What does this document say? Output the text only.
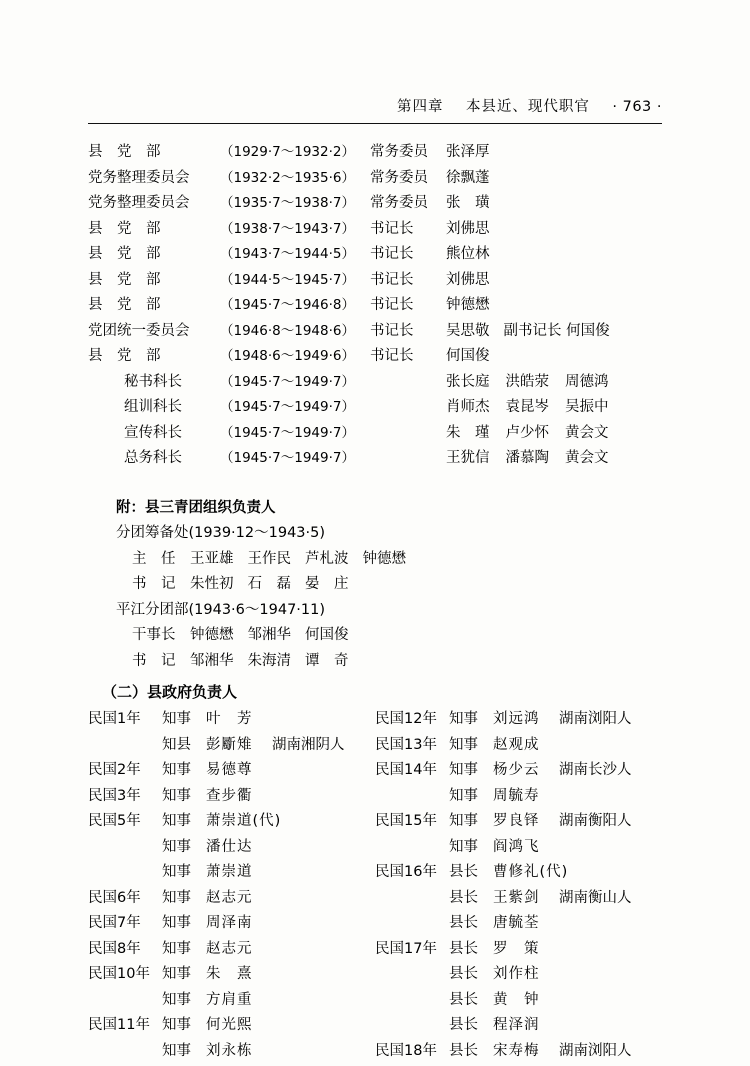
第四章 本县近、现代职官 · 763 ·
县　党　部	（1929·7～1932·2）	常务委员	张泽厚
党务整理委员会	（1932·2～1935·6）	常务委员	徐飘蓬
党务整理委员会	（1935·7～1938·7）	常务委员	张　璜
县　党　部	（1938·7～1943·7）	书记长	刘佛思
县　党　部	（1943·7～1944·5）	书记长	熊位林
县　党　部	（1944·5～1945·7）	书记长	刘佛思
县　党　部	（1945·7～1946·8）	书记长	钟德懋
党团统一委员会	（1946·8～1948·6）	书记长	吴思敬 副书记长 何国俊
县　党　部	（1948·6～1949·6）	书记长	何国俊
秘书科长	（1945·7～1949·7）	张长庭 洪皓荥 周德鸿
组训科长	（1945·7～1949·7）	肖师杰 袁昆岑 吴振中
宣传科长	（1945·7～1949·7）	朱　瑾 卢少怀 黄会文
总务科长	（1945·7～1949·7）	王犹信 潘慕陶 黄会文
附：县三青团组织负责人
分团筹备处(1939·12～1943·5)
主　任 王亚雄 王作民 芦札波 钟德懋
书　记 朱性初 石　磊 晏　庄
平江分团部(1943·6～1947·11)
干事长 钟德懋 邹湘华 何国俊
书　记 邹湘华 朱海清 谭　奇
（二）县政府负责人
民国1年	知事	叶　芳
知县	彭斸雉	湖南湘阴人
民国2年	知事	易德尊
民国3年	知事	查步衢
民国5年	知事	萧崇道(代)
知事	潘仕达
知事	萧崇道
民国6年	知事	赵志元
民国7年	知事	周泽南
民国8年	知事	赵志元
民国10年 知事	朱　熹
知事	方肩重
民国11年 知事	何光熙
知事	刘永栋
民国12年 知事	刘远鸿	湖南浏阳人
民国13年 知事	赵观成
民国14年 知事	杨少云	湖南长沙人
知事	周毓寿
民国15年 知事	罗良铎	湖南衡阳人
知事	阎鸿飞
民国16年 县长	曹修礼(代)
县长	王紫剑	湖南衡山人
县长	唐毓荃
民国17年 县长	罗　策
县长	刘作柱
县长	黄　钟
县长	程泽润
民国18年 县长	宋寿梅	湖南浏阳人
